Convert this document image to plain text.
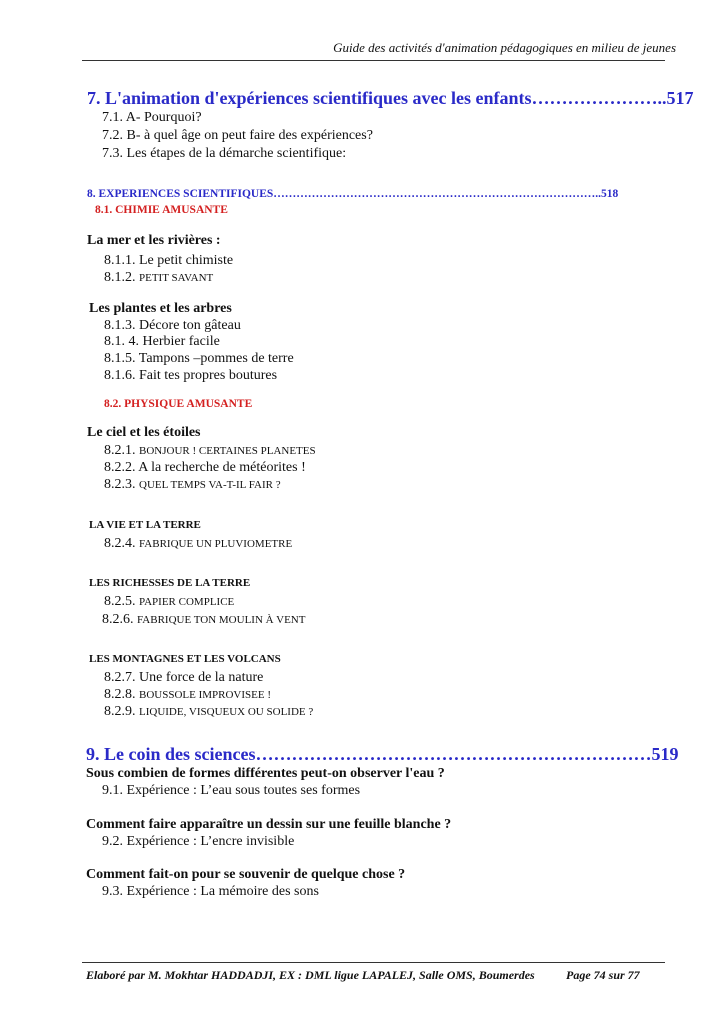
Guide des activités d'animation pédagogiques en milieu de jeunes
7. L'animation d'expériences scientifiques avec les enfants…………………..517
7.1. A- Pourquoi?
7.2. B- à quel âge on peut faire des expériences?
7.3. Les étapes de la démarche scientifique:
8. EXPERIENCES SCIENTIFIQUES…………………………………………………………………………..518
8.1. CHIMIE AMUSANTE
La mer et les rivières :
8.1.1. Le petit chimiste
8.1.2. PETIT SAVANT
Les plantes et les arbres
8.1.3. Décore ton gâteau
8.1. 4. Herbier facile
8.1.5. Tampons –pommes de terre
8.1.6. Fait tes propres boutures
8.2. PHYSIQUE AMUSANTE
Le ciel et les étoiles
8.2.1. BONJOUR ! CERTAINES PLANETES
8.2.2. A la recherche de météorites !
8.2.3. QUEL TEMPS VA-T-IL FAIR ?
LA VIE ET LA TERRE
8.2.4. FABRIQUE UN PLUVIOMETRE
LES RICHESSES DE LA TERRE
8.2.5. PAPIER COMPLICE
8.2.6. FABRIQUE TON MOULIN À VENT
LES MONTAGNES ET LES VOLCANS
8.2.7. Une force de la nature
8.2.8. BOUSSOLE IMPROVISEE !
8.2.9. LIQUIDE, VISQUEUX OU SOLIDE ?
9. Le coin des sciences…………………………………………………………519
Sous combien de formes différentes peut-on observer l'eau ?
9.1. Expérience : L’eau sous toutes ses formes
Comment faire apparaître un dessin sur une feuille blanche ?
9.2. Expérience : L’encre invisible
Comment fait-on pour se souvenir de quelque chose ?
9.3. Expérience : La mémoire des sons
Elaboré par M. Mokhtar HADDADJI, EX : DML ligue LAPALEJ, Salle OMS, Boumerdes	Page 74 sur 77
